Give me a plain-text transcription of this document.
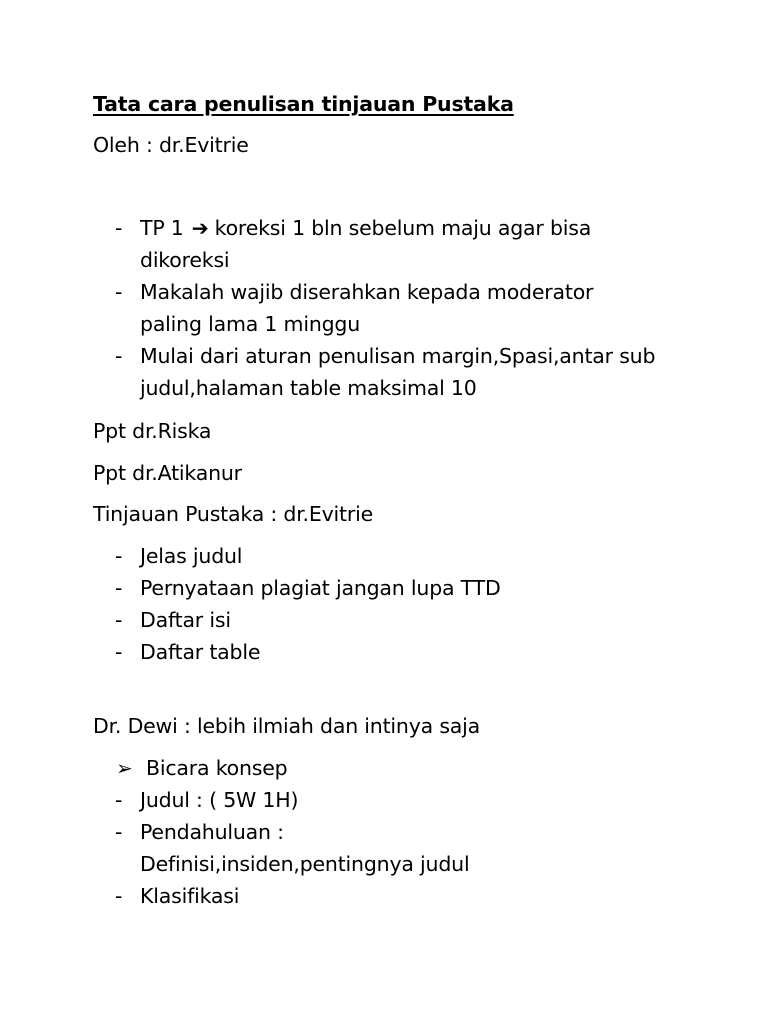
Tata cara penulisan tinjauan Pustaka
Oleh : dr.Evitrie
- TP 1 ➔ koreksi 1 bln sebelum maju agar bisa
dikoreksi
- Makalah wajib diserahkan kepada moderator
paling lama 1 minggu
- Mulai dari aturan penulisan margin,Spasi,antar sub
judul,halaman table maksimal 10
Ppt dr.Riska
Ppt dr.Atikanur
Tinjauan Pustaka : dr.Evitrie
- Jelas judul
- Pernyataan plagiat jangan lupa TTD
- Daftar isi
- Daftar table
Dr. Dewi : lebih ilmiah dan intinya saja
➢ Bicara konsep
- Judul : ( 5W 1H)
- Pendahuluan :
Definisi,insiden,pentingnya judul
- Klasifikasi
